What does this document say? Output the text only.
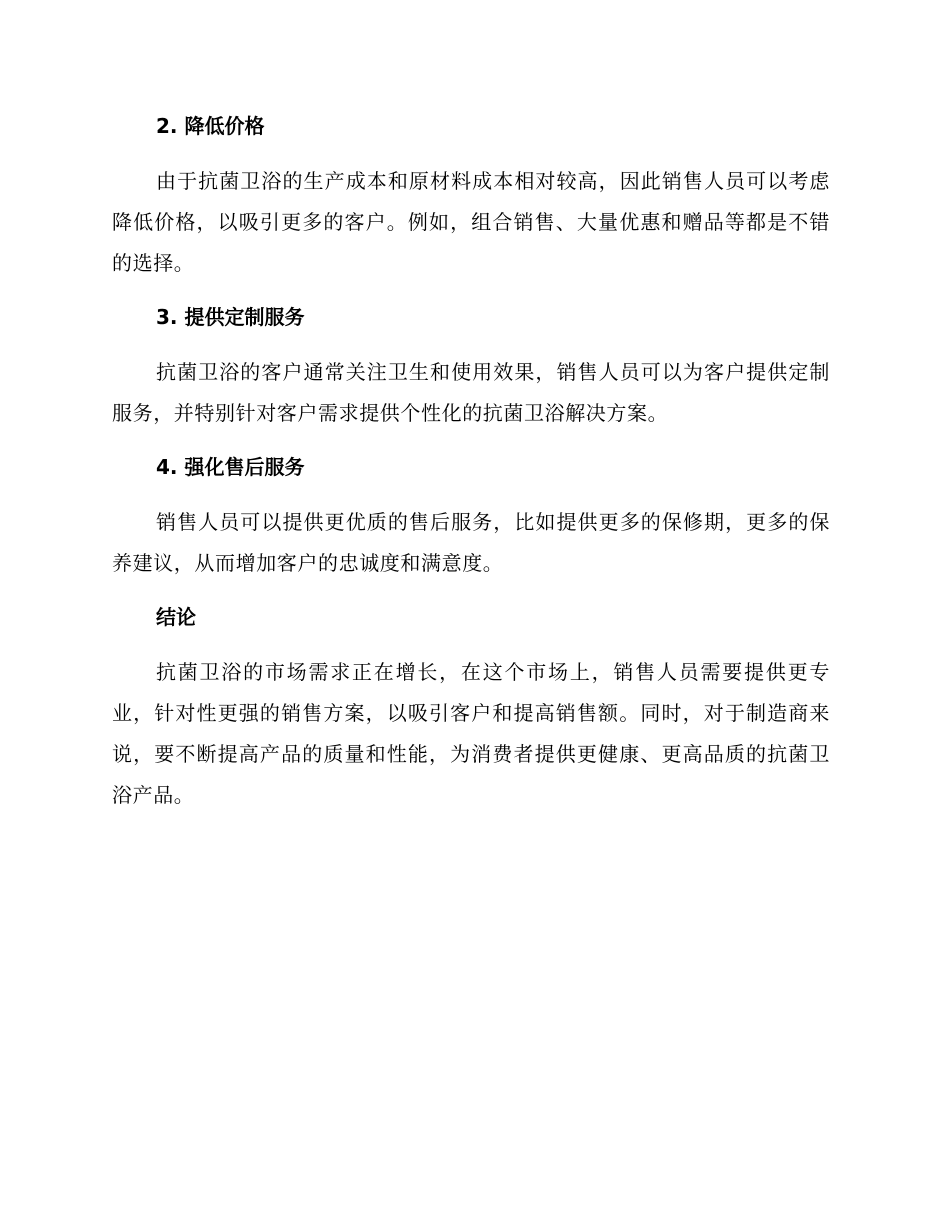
2. 降低价格

由于抗菌卫浴的生产成本和原材料成本相对较高，因此销售人员可以考虑降低价格，以吸引更多的客户。例如，组合销售、大量优惠和赠品等都是不错的选择。

3. 提供定制服务

抗菌卫浴的客户通常关注卫生和使用效果，销售人员可以为客户提供定制服务，并特别针对客户需求提供个性化的抗菌卫浴解决方案。

4. 强化售后服务

销售人员可以提供更优质的售后服务，比如提供更多的保修期，更多的保养建议，从而增加客户的忠诚度和满意度。

结论

抗菌卫浴的市场需求正在增长，在这个市场上，销售人员需要提供更专业，针对性更强的销售方案，以吸引客户和提高销售额。同时，对于制造商来说，要不断提高产品的质量和性能，为消费者提供更健康、更高品质的抗菌卫浴产品。
